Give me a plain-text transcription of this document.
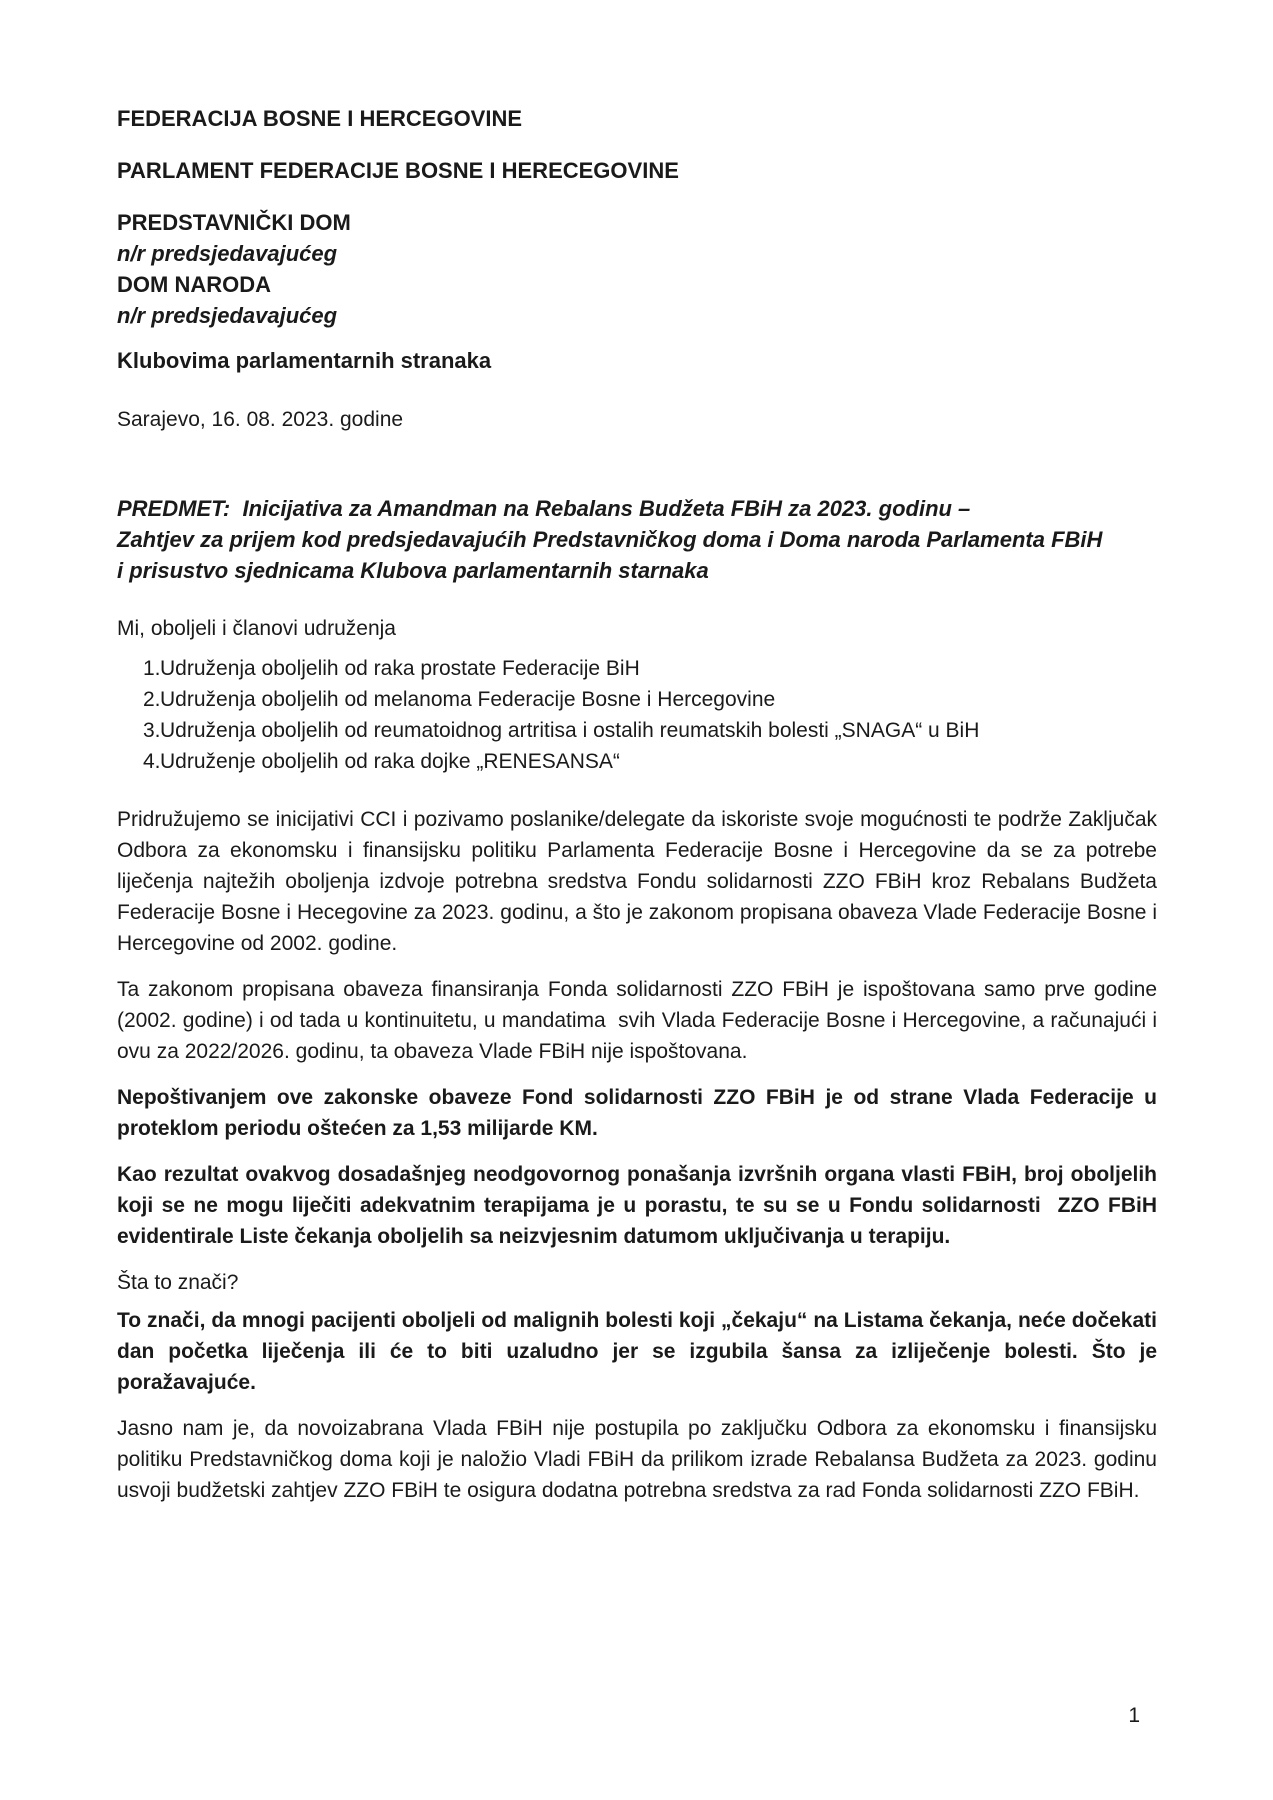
FEDERACIJA BOSNE I HERCEGOVINE

PARLAMENT FEDERACIJE BOSNE I HERECEGOVINE

PREDSTAVNIČKI DOM

n/r predsjedavajućeg

DOM NARODA

n/r predsjedavajućeg

Klubovima parlamentarnih stranaka

Sarajevo, 16. 08. 2023. godine

PREDMET:  Inicijativa za Amandman na Rebalans Budžeta FBiH za 2023. godinu –

Zahtjev za prijem kod predsjedavajućih Predstavničkog doma i Doma naroda Parlamenta FBiH

i prisustvo sjednicama Klubova parlamentarnih starnaka

Mi, oboljeli i članovi udruženja

1. Udruženja oboljelih od raka prostate Federacije BiH
2. Udruženja oboljelih od melanoma Federacije Bosne i Hercegovine
3. Udruženja oboljelih od reumatoidnog artritisa i ostalih reumatskih bolesti „SNAGA“ u BiH
4. Udruženje oboljelih od raka dojke „RENESANSA“

Pridružujemo se inicijativi CCI i pozivamo poslanike/delegate da iskoriste svoje mogućnosti te podrže Zaključak Odbora za ekonomsku i finansijsku politiku Parlamenta Federacije Bosne i Hercegovine da se za potrebe liječenja najtežih oboljenja izdvoje potrebna sredstva Fondu solidarnosti ZZO FBiH kroz Rebalans Budžeta Federacije Bosne i Hecegovine za 2023. godinu, a što je zakonom propisana obaveza Vlade Federacije Bosne i Hercegovine od 2002. godine.

Ta zakonom propisana obaveza finansiranja Fonda solidarnosti ZZO FBiH je ispoštovana samo prve godine (2002. godine) i od tada u kontinuitetu, u mandatima  svih Vlada Federacije Bosne i Hercegovine, a računajući i ovu za 2022/2026. godinu, ta obaveza Vlade FBiH nije ispoštovana.

Nepoštivanjem ove zakonske obaveze Fond solidarnosti ZZO FBiH je od strane Vlada Federacije u proteklom periodu oštećen za 1,53 milijarde KM.

Kao rezultat ovakvog dosadašnjeg neodgovornog ponašanja izvršnih organa vlasti FBiH, broj oboljelih koji se ne mogu liječiti adekvatnim terapijama je u porastu, te su se u Fondu solidarnosti  ZZO FBiH evidentirale Liste čekanja oboljelih sa neizvjesnim datumom uključivanja u terapiju.

Šta to znači?

To znači, da mnogi pacijenti oboljeli od malignih bolesti koji „čekaju“ na Listama čekanja, neće dočekati dan početka liječenja ili će to biti uzaludno jer se izgubila šansa za izliječenje bolesti. Što je poražavajuće.

Jasno nam je, da novoizabrana Vlada FBiH nije postupila po zaključku Odbora za ekonomsku i finansijsku politiku Predstavničkog doma koji je naložio Vladi FBiH da prilikom izrade Rebalansa Budžeta za 2023. godinu usvoji budžetski zahtjev ZZO FBiH te osigura dodatna potrebna sredstva za rad Fonda solidarnosti ZZO FBiH.

1
